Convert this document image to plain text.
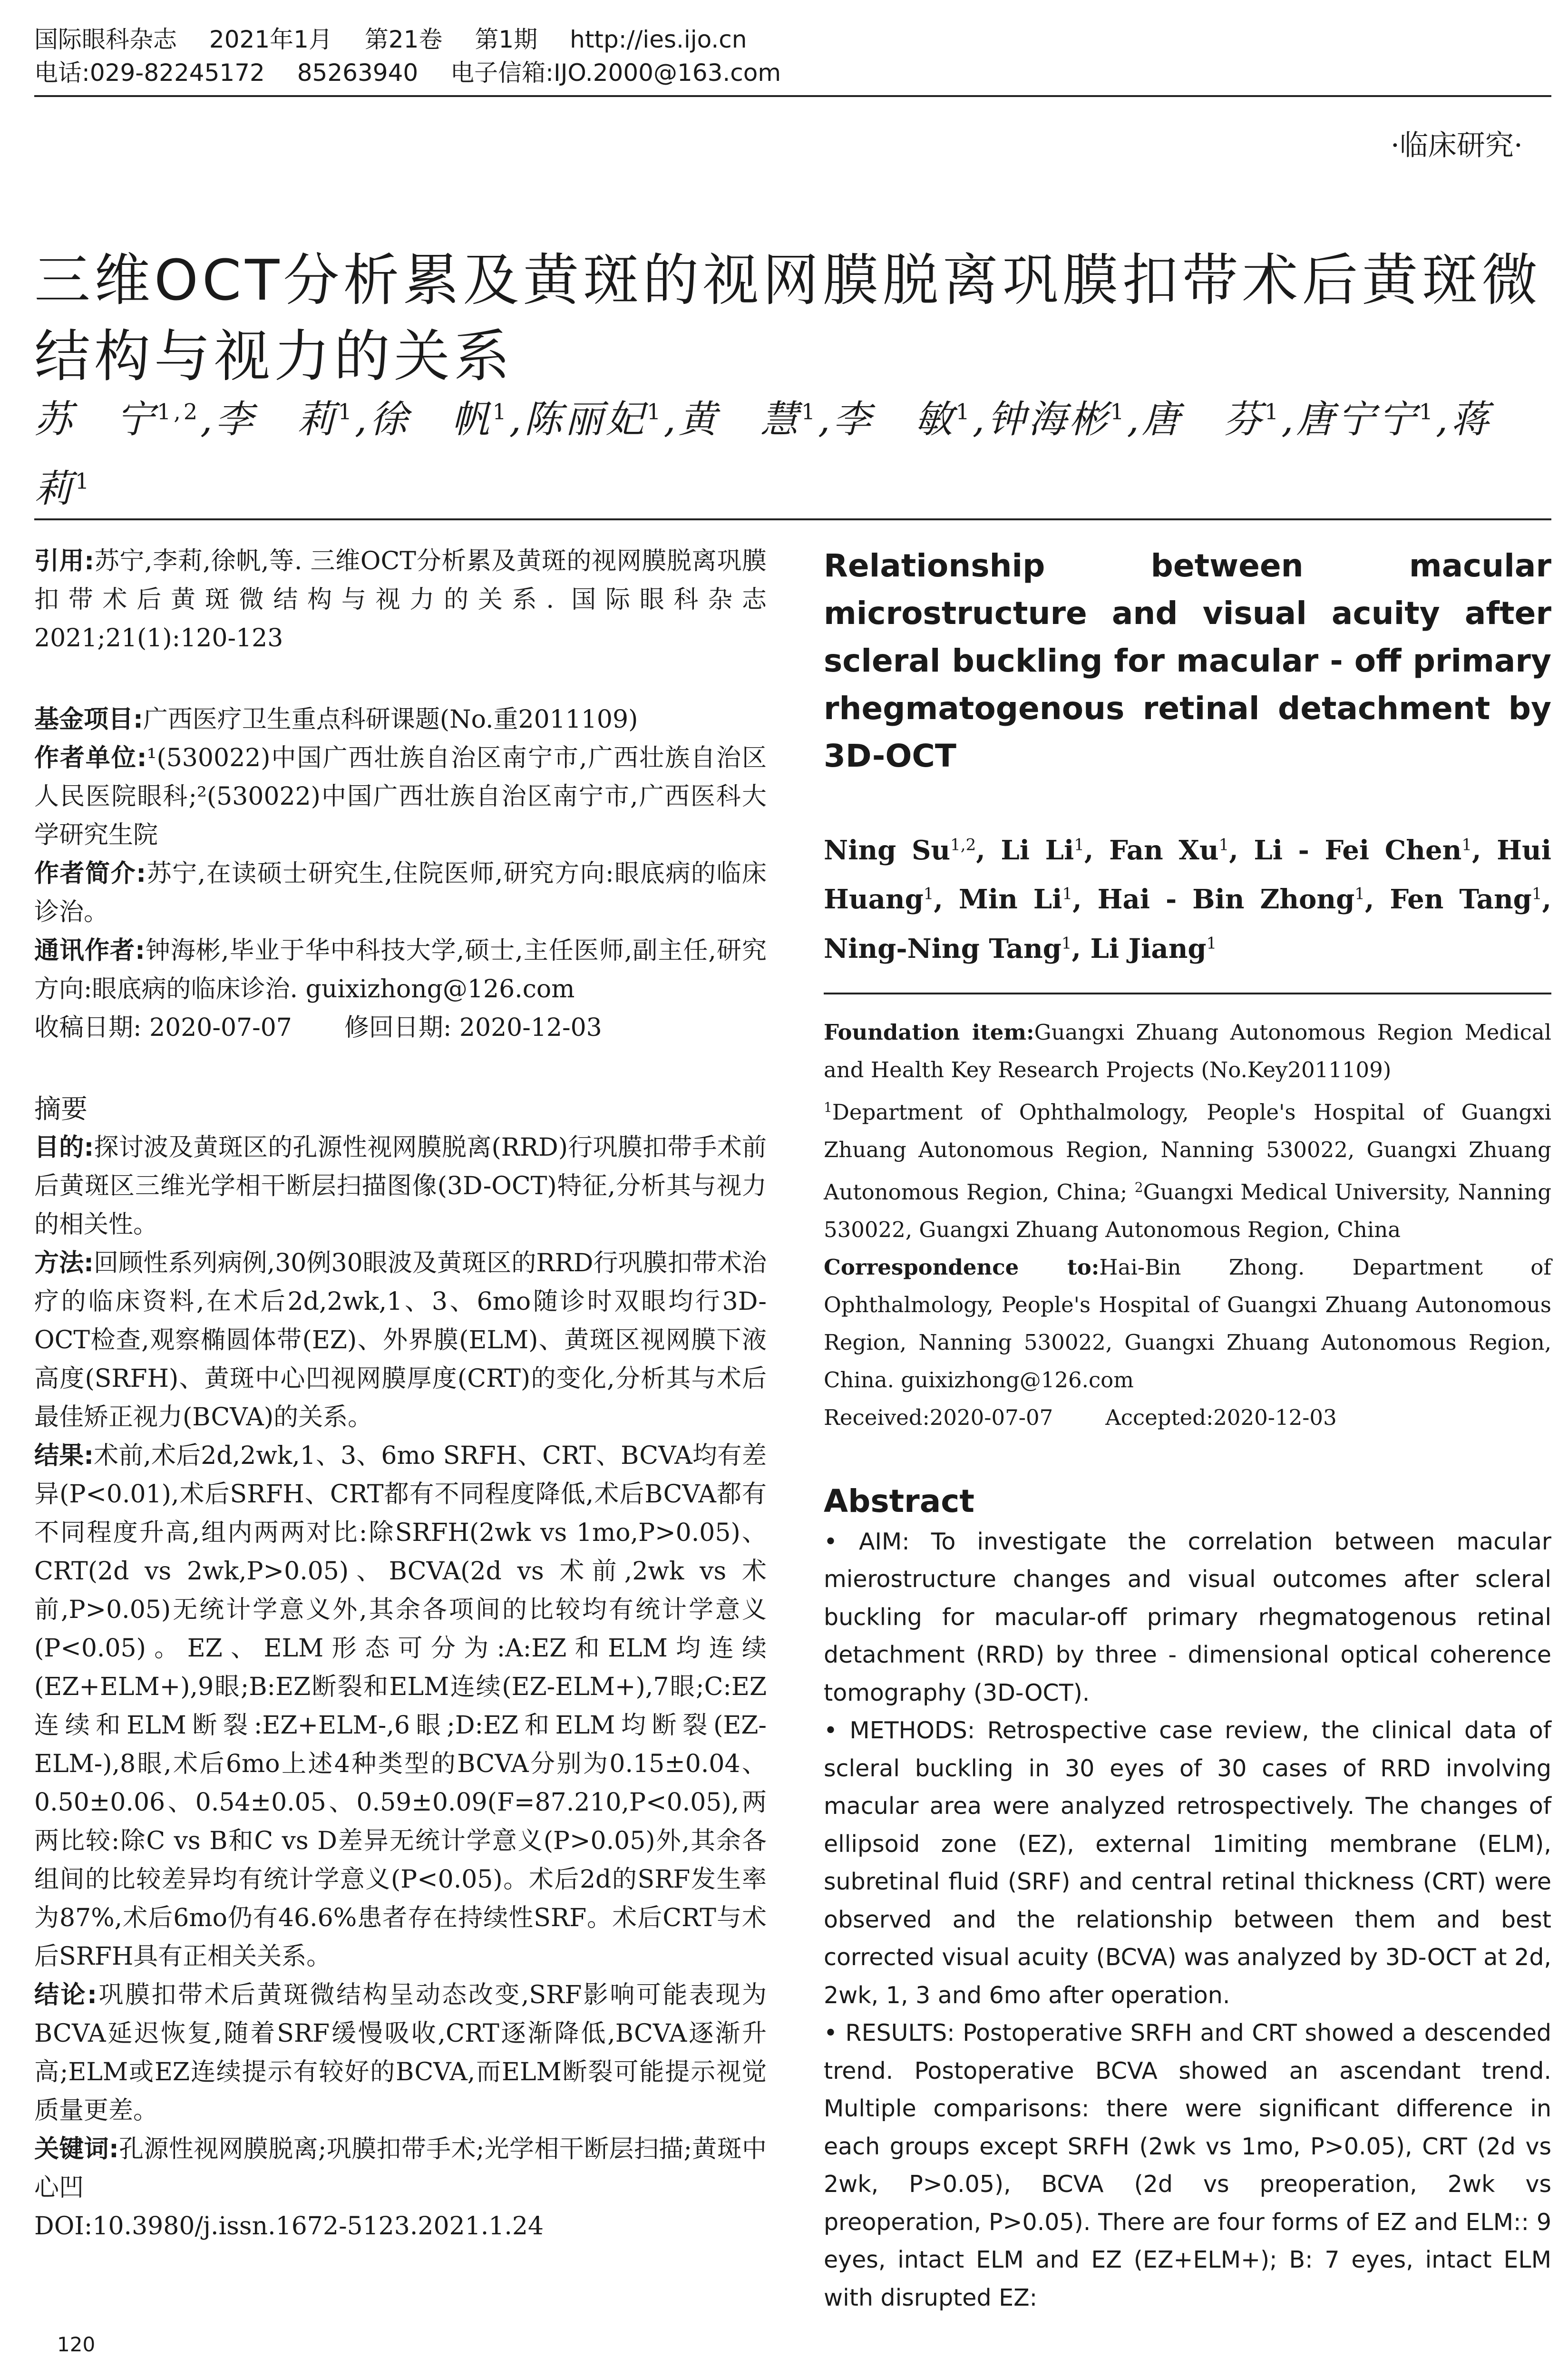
国际眼科杂志 2021年1月 第21卷 第1期 http://ies.ijo.cn
电话:029-82245172 85263940 电子信箱:IJO.2000@163.com
·临床研究·
三维OCT分析累及黄斑的视网膜脱离巩膜扣带术后黄斑微结构与视力的关系
苏　宁$^{1,2}$,李　莉$^1$,徐　帆$^1$,陈丽妃$^1$,黄　慧$^1$,李　敏$^1$,钟海彬$^1$,唐　芬$^1$,唐宁宁$^1$,蒋　莉$^1$

引用:苏宁,李莉,徐帆,等. 三维OCT分析累及黄斑的视网膜脱离巩膜扣带术后黄斑微结构与视力的关系. 国际眼科杂志 2021;21(1):120-123

基金项目:广西医疗卫生重点科研课题(No.重2011109)

作者单位:¹(530022)中国广西壮族自治区南宁市,广西壮族自治区人民医院眼科;²(530022)中国广西壮族自治区南宁市,广西医科大学研究生院

作者简介:苏宁,在读硕士研究生,住院医师,研究方向:眼底病的临床诊治。

通讯作者:钟海彬,毕业于华中科技大学,硕士,主任医师,副主任,研究方向:眼底病的临床诊治. guixizhong@126.com

收稿日期: 2020-07-07 修回日期: 2020-12-03

摘要

目的:探讨波及黄斑区的孔源性视网膜脱离(RRD)行巩膜扣带手术前后黄斑区三维光学相干断层扫描图像(3D-OCT)特征,分析其与视力的相关性。

方法:回顾性系列病例,30例30眼波及黄斑区的RRD行巩膜扣带术治疗的临床资料,在术后2d,2wk,1、3、6mo随诊时双眼均行3D-OCT检查,观察椭圆体带(EZ)、外界膜(ELM)、黄斑区视网膜下液高度(SRFH)、黄斑中心凹视网膜厚度(CRT)的变化,分析其与术后最佳矫正视力(BCVA)的关系。

结果:术前,术后2d,2wk,1、3、6mo SRFH、CRT、BCVA均有差异(P<0.01),术后SRFH、CRT都有不同程度降低,术后BCVA都有不同程度升高,组内两两对比:除SRFH(2wk vs 1mo,P>0.05)、CRT(2d vs 2wk,P>0.05)、BCVA(2d vs 术前,2wk vs 术前,P>0.05)无统计学意义外,其余各项间的比较均有统计学意义(P<0.05)。EZ、ELM形态可分为:A:EZ和ELM均连续(EZ+ELM+),9眼;B:EZ断裂和ELM连续(EZ-ELM+),7眼;C:EZ连续和ELM断裂:EZ+ELM-,6眼;D:EZ和ELM均断裂(EZ-ELM-),8眼,术后6mo上述4种类型的BCVA分别为0.15±0.04、0.50±0.06、0.54±0.05、0.59±0.09(F=87.210,P<0.05),两两比较:除C vs B和C vs D差异无统计学意义(P>0.05)外,其余各组间的比较差异均有统计学意义(P<0.05)。术后2d的SRF发生率为87%,术后6mo仍有46.6%患者存在持续性SRF。术后CRT与术后SRFH具有正相关关系。

结论:巩膜扣带术后黄斑微结构呈动态改变,SRF影响可能表现为BCVA延迟恢复,随着SRF缓慢吸收,CRT逐渐降低,BCVA逐渐升高;ELM或EZ连续提示有较好的BCVA,而ELM断裂可能提示视觉质量更差。

关键词:孔源性视网膜脱离;巩膜扣带手术;光学相干断层扫描;黄斑中心凹

DOI:10.3980/j.issn.1672-5123.2021.1.24

Relationship between macular microstructure and visual acuity after scleral buckling for macular - off primary rhegmatogenous retinal detachment by 3D-OCT
Ning Su$^{1,2}$, Li Li$^1$, Fan Xu$^1$, Li - Fei Chen$^1$, Hui Huang$^1$, Min Li$^1$, Hai - Bin Zhong$^1$, Fen Tang$^1$, Ning-Ning Tang$^1$, Li Jiang$^1$

Foundation item:Guangxi Zhuang Autonomous Region Medical and Health Key Research Projects (No.Key2011109)

$^1$Department of Ophthalmology, People's Hospital of Guangxi Zhuang Autonomous Region, Nanning 530022, Guangxi Zhuang Autonomous Region, China; $^2$Guangxi Medical University, Nanning 530022, Guangxi Zhuang Autonomous Region, China

Correspondence to:Hai-Bin Zhong. Department of Ophthalmology, People's Hospital of Guangxi Zhuang Autonomous Region, Nanning 530022, Guangxi Zhuang Autonomous Region, China. guixizhong@126.com

Received:2020-07-07 Accepted:2020-12-03

Abstract

• AIM: To investigate the correlation between macular mierostructure changes and visual outcomes after scleral buckling for macular-off primary rhegmatogenous retinal detachment (RRD) by three - dimensional optical coherence tomography (3D-OCT).

• METHODS: Retrospective case review, the clinical data of scleral buckling in 30 eyes of 30 cases of RRD involving macular area were analyzed retrospectively. The changes of ellipsoid zone (EZ), external 1imiting membrane (ELM), subretinal fluid (SRF) and central retinal thickness (CRT) were observed and the relationship between them and best corrected visual acuity (BCVA) was analyzed by 3D-OCT at 2d, 2wk, 1, 3 and 6mo after operation.

• RESULTS: Postoperative SRFH and CRT showed a descended trend. Postoperative BCVA showed an ascendant trend. Multiple comparisons: there were significant difference in each groups except SRFH (2wk vs 1mo, P>0.05), CRT (2d vs 2wk, P>0.05), BCVA (2d vs preoperation, 2wk vs preoperation, P>0.05). There are four forms of EZ and ELM:: 9 eyes, intact ELM and EZ (EZ+ELM+); B: 7 eyes, intact ELM with disrupted EZ:

120
